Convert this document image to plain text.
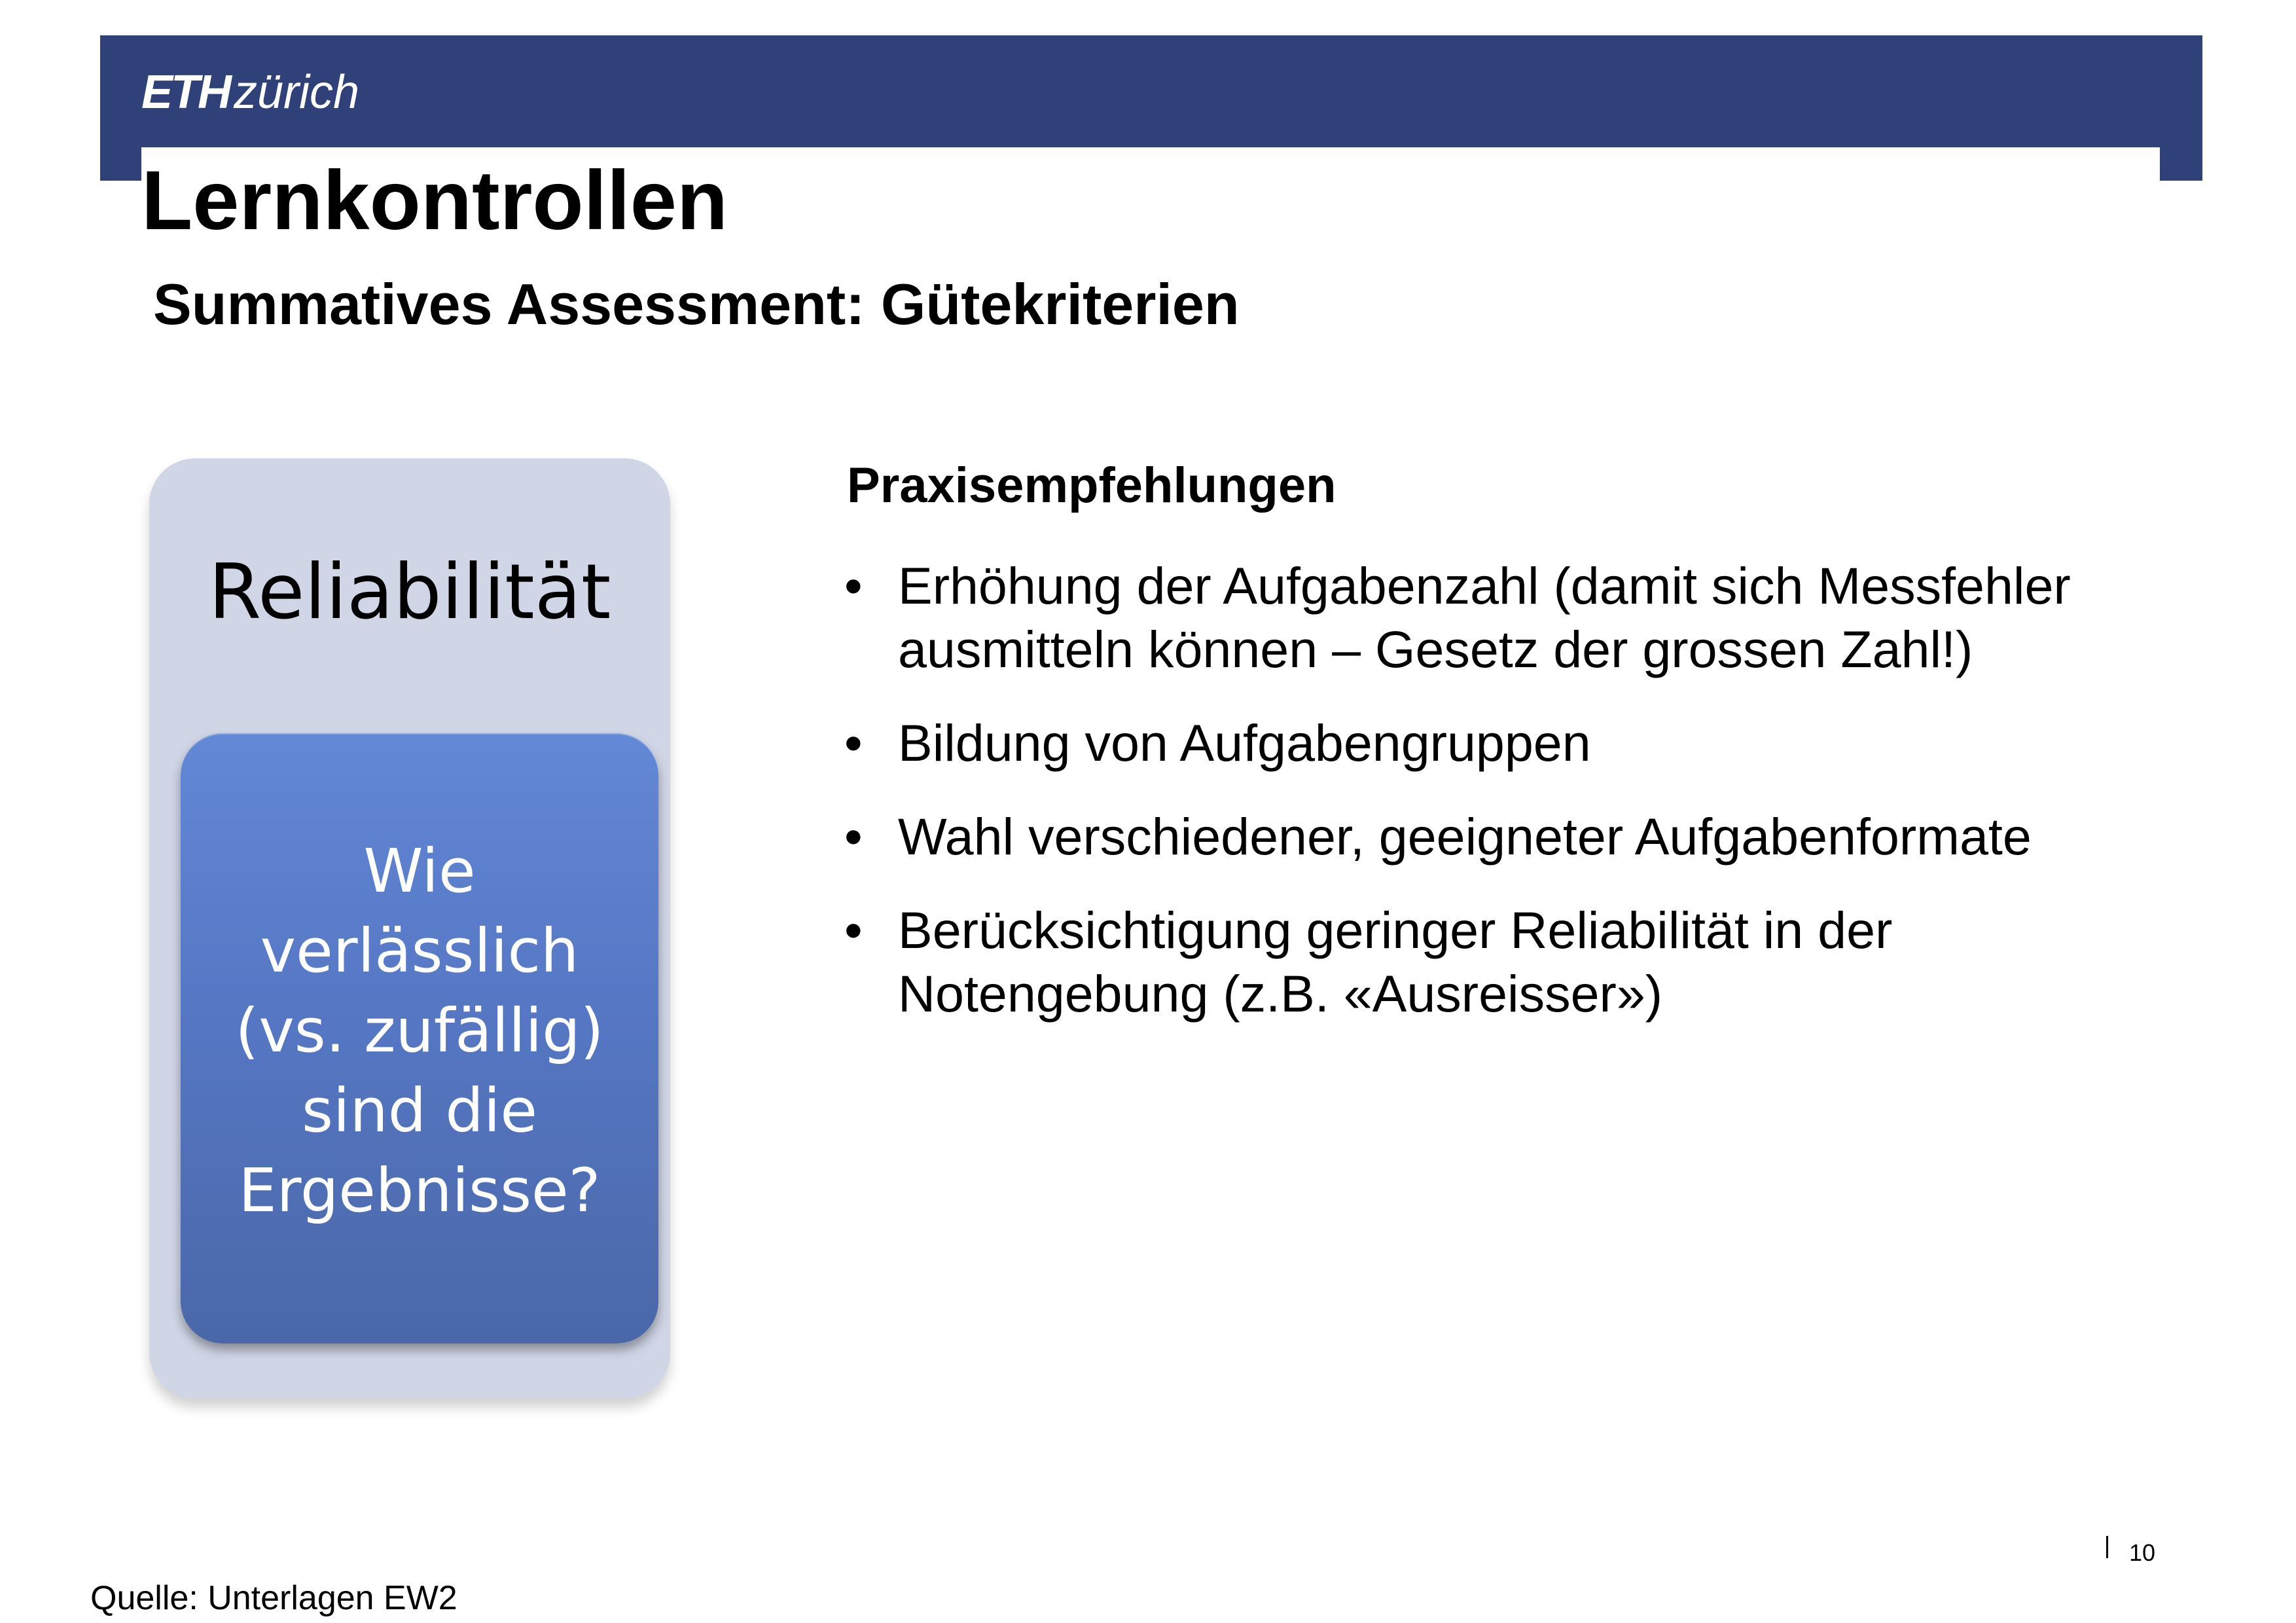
ETHzürich
Lernkontrollen
Summatives Assessment: Gütekriterien
Reliabilität
Wie
verlässlich
(vs. zufällig)
sind die
Ergebnisse?
Praxisempfehlungen
• Erhöhung der Aufgabenzahl (damit sich Messfehler ausmitteln können – Gesetz der grossen Zahl!)
• Bildung von Aufgabengruppen
• Wahl verschiedener, geeigneter Aufgabenformate
• Berücksichtigung geringer Reliabilität in der Notengebung (z.B. «Ausreisser»)
Quelle: Unterlagen EW2
10
